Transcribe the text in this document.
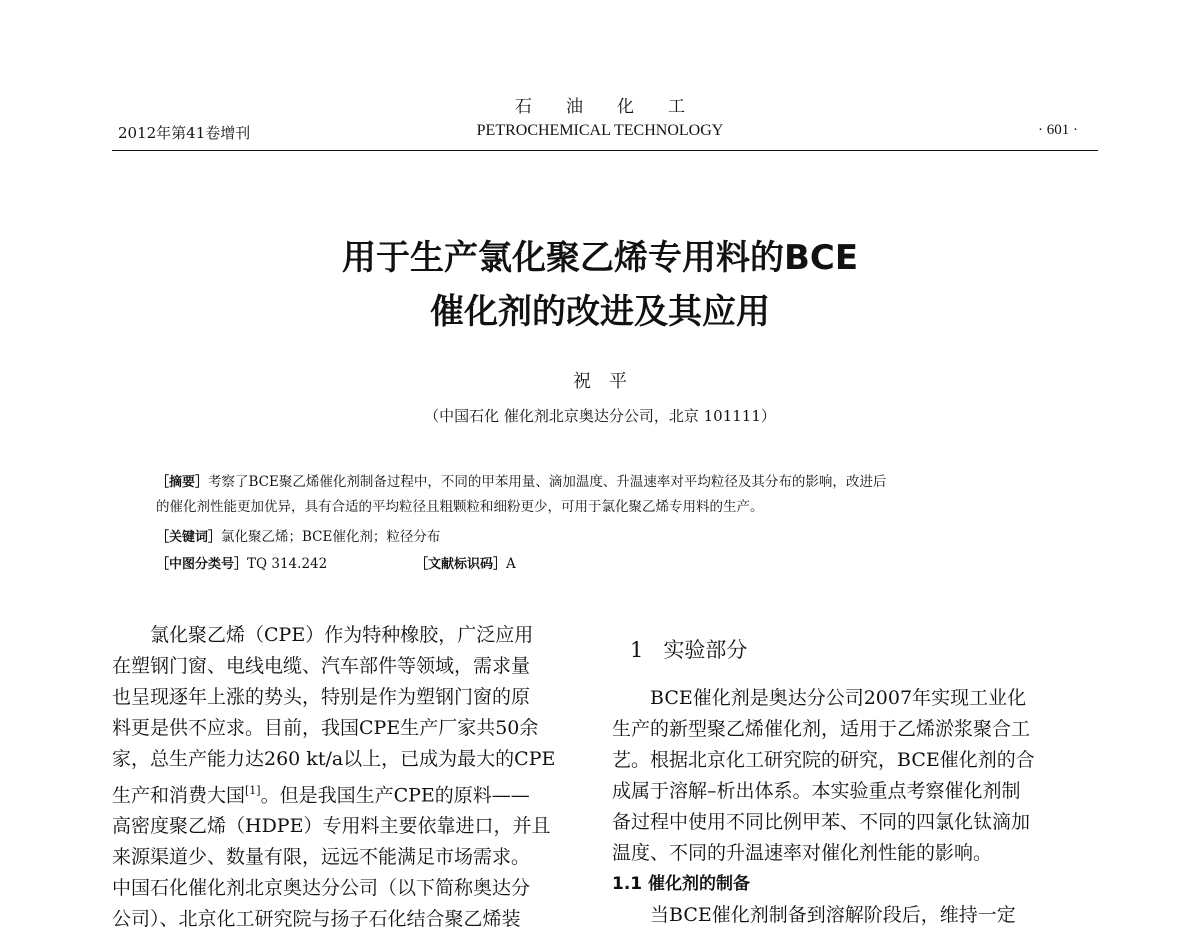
石油化工
2012年第41卷增刊	PETROCHEMICAL TECHNOLOGY	· 601 ·
用于生产氯化聚乙烯专用料的BCE
催化剂的改进及其应用
祝平
（中国石化 催化剂北京奥达分公司，北京 101111）
［摘要］考察了BCE聚乙烯催化剂制备过程中，不同的甲苯用量、滴加温度、升温速率对平均粒径及其分布的影响，改进后
的催化剂性能更加优异，具有合适的平均粒径且粗颗粒和细粉更少，可用于氯化聚乙烯专用料的生产。
［关键词］氯化聚乙烯；BCE催化剂；粒径分布
［中图分类号］TQ 314.242	［文献标识码］A
氯化聚乙烯（CPE）作为特种橡胶，广泛应用
在塑钢门窗、电线电缆、汽车部件等领域，需求量
也呈现逐年上涨的势头，特别是作为塑钢门窗的原
料更是供不应求。目前，我国CPE生产厂家共50余
家，总生产能力达260 kt/a以上，已成为最大的CPE
生产和消费大国[1]。但是我国生产CPE的原料——
高密度聚乙烯（HDPE）专用料主要依靠进口，并且
来源渠道少、数量有限，远远不能满足市场需求。
中国石化催化剂北京奥达分公司（以下简称奥达分
公司）、北京化工研究院与扬子石化结合聚乙烯装
1 实验部分
BCE催化剂是奥达分公司2007年实现工业化
生产的新型聚乙烯催化剂，适用于乙烯淤浆聚合工
艺。根据北京化工研究院的研究，BCE催化剂的合
成属于溶解–析出体系。本实验重点考察催化剂制
备过程中使用不同比例甲苯、不同的四氯化钛滴加
温度、不同的升温速率对催化剂性能的影响。
1.1 催化剂的制备
当BCE催化剂制备到溶解阶段后，维持一定
